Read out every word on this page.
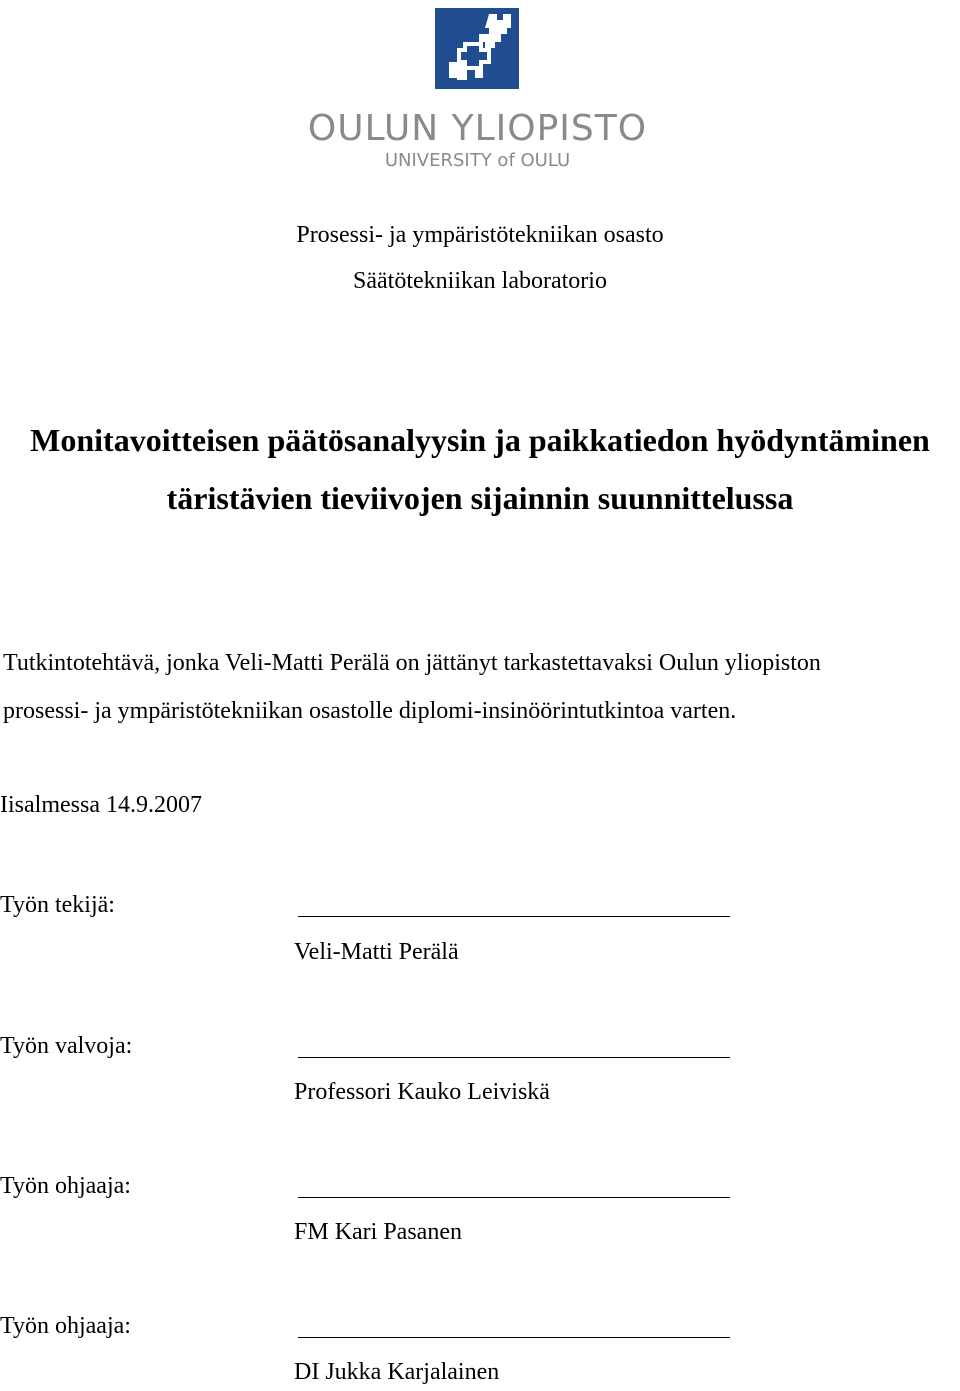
OULUN YLIOPISTO
UNIVERSITY of OULU
Prosessi- ja ympäristötekniikan osasto
Säätötekniikan laboratorio
Monitavoitteisen päätösanalyysin ja paikkatiedon hyödyntäminen
täristävien tieviivojen sijainnin suunnittelussa
Tutkintotehtävä, jonka Veli-Matti Perälä on jättänyt tarkastettavaksi Oulun yliopiston
prosessi- ja ympäristötekniikan osastolle diplomi-insinöörintutkintoa varten.
Iisalmessa 14.9.2007
Työn tekijä:
Veli-Matti Perälä
Työn valvoja:
Professori Kauko Leiviskä
Työn ohjaaja:
FM Kari Pasanen
Työn ohjaaja:
DI Jukka Karjalainen
